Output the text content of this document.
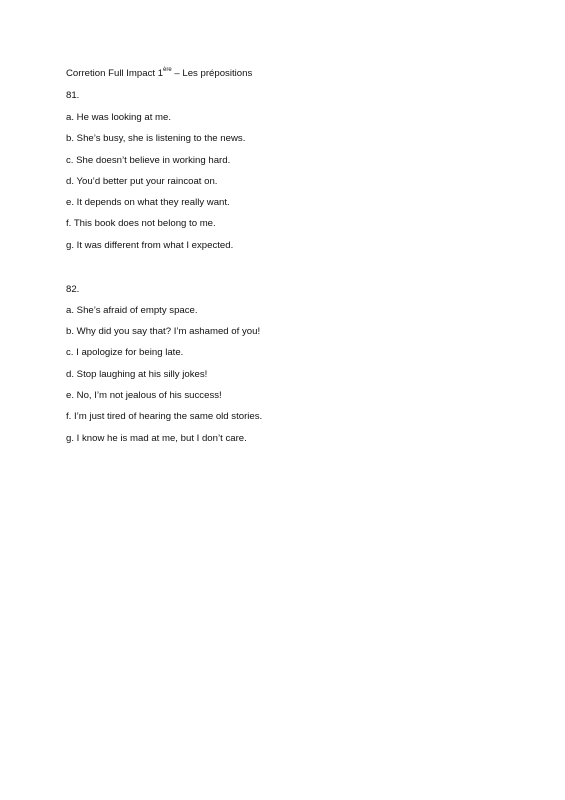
Corretion Full Impact 1ère – Les prépositions
81.
a. He was looking at me.
b. She’s busy, she is listening to the news.
c. She doesn’t believe in working hard.
d. You’d better put your raincoat on.
e. It depends on what they really want.
f. This book does not belong to me.
g. It was different from what I expected.
82.
a. She’s afraid of empty space.
b. Why did you say that? I’m ashamed of you!
c. I apologize for being late.
d. Stop laughing at his silly jokes!
e. No, I’m not jealous of his success!
f. I’m just tired of hearing the same old stories.
g. I know he is mad at me, but I don’t care.
